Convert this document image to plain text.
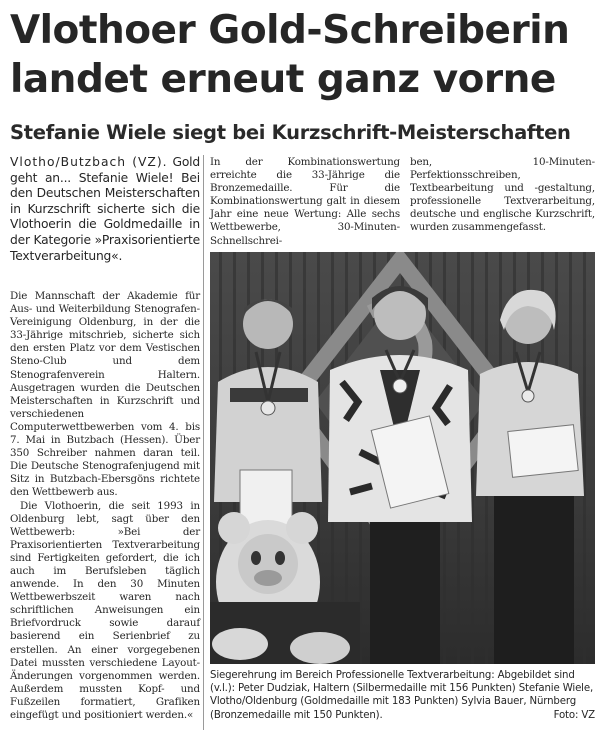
Vlothoer Gold-Schreiberin
landet erneut ganz vorne
Stefanie Wiele siegt bei Kurzschrift-Meisterschaften
Vlotho/Butzbach (VZ). Gold geht an... Stefanie Wiele! Bei den Deutschen Meisterschaften in Kurzschrift sicherte sich die Vlothoerin die Goldmedaille in der Kategorie »Praxisorientierte Textverarbeitung«.

Die Mannschaft der Akademie für Aus- und Weiterbildung Stenografen-Vereinigung Oldenburg, in der die 33-Jährige mitschrieb, sicherte sich den ersten Platz vor dem Vestischen Steno-Club und dem Stenografenverein Haltern. Ausgetragen wurden die Deutschen Meisterschaften in Kurzschrift und verschiedenen Computerwettbewerben vom 4. bis 7. Mai in Butzbach (Hessen). Über 350 Schreiber nahmen daran teil. Die Deutsche Stenografenjugend mit Sitz in Butzbach-Ebersgöns richtete den Wettbewerb aus.

Die Vlothoerin, die seit 1993 in Oldenburg lebt, sagt über den Wettbewerb: »Bei der Praxisorientierten Textverarbeitung sind Fertigkeiten gefordert, die ich auch im Berufsleben täglich anwende. In den 30 Minuten Wettbewerbszeit waren nach schriftlichen Anweisungen ein Briefvordruck sowie darauf basierend ein Serienbrief zu erstellen. An einer vorgegebenen Datei mussten verschiedene Layout-Änderungen vorgenommen werden. Außerdem mussten Kopf- und Fußzeilen formatiert, Grafiken eingefügt und positioniert werden.«

In der Kombinationswertung erreichte die 33-Jährige die Bronzemedaille. Für die Kombinationswertung galt in diesem Jahr eine neue Wertung: Alle sechs Wettbewerbe, 30-Minuten-Schnellschrei-

ben, 10-Minuten-Perfektionsschreiben, Textbearbeitung und -gestaltung, professionelle Textverarbeitung, deutsche und englische Kurzschrift, wurden zusammengefasst.

Siegerehrung im Bereich Professionelle Textverarbeitung: Abgebildet sind (v.l.): Peter Dudziak, Haltern (Silbermedaille mit 156 Punkten) Stefanie Wiele, Vlotho/Oldenburg (Goldmedaille mit 183 Punkten) Sylvia Bauer, Nürnberg (Bronzemedaille mit 150 Punkten).	Foto: VZ
